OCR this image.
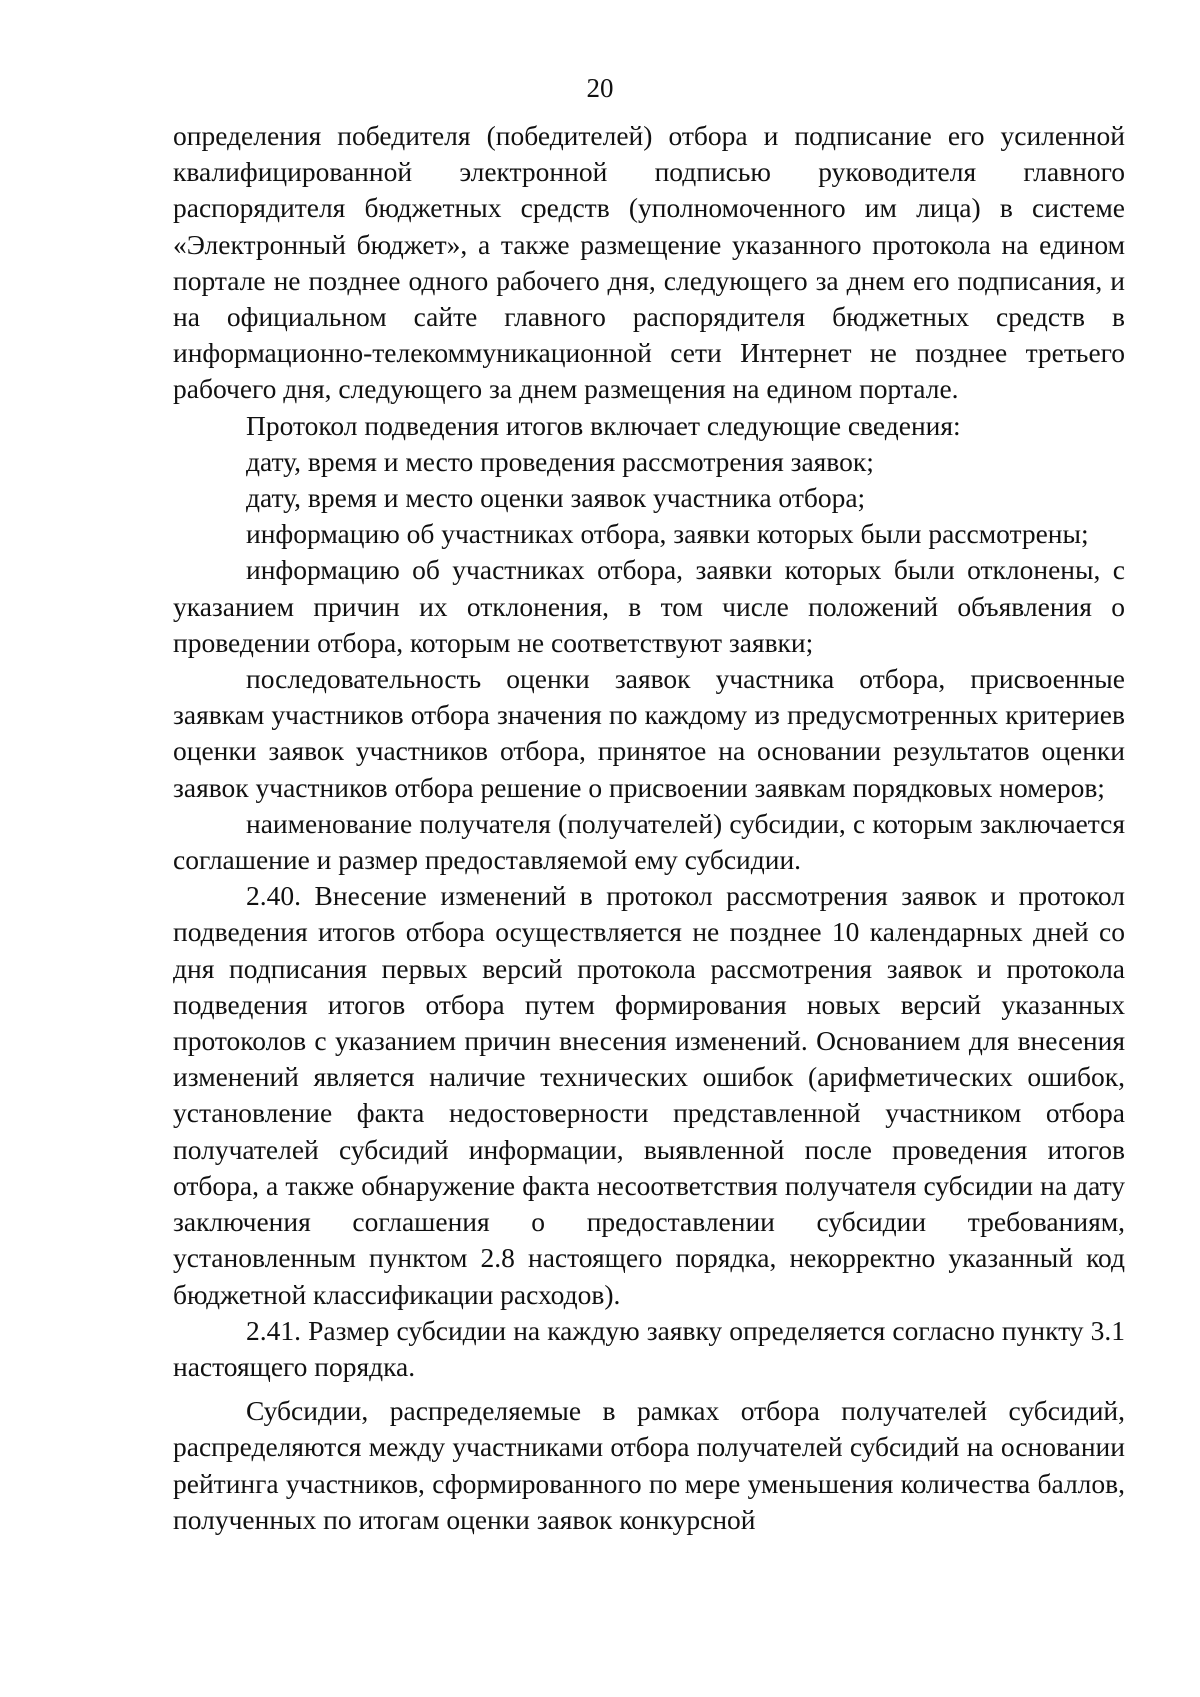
20

определения победителя (победителей) отбора и подписание его усиленной квалифицированной электронной подписью руководителя главного распорядителя бюджетных средств (уполномоченного им лица) в системе «Электронный бюджет», а также размещение указанного протокола на едином портале не позднее одного рабочего дня, следующего за днем его подписания, и на официальном сайте главного распорядителя бюджетных средств в информационно-телекоммуникационной сети Интернет не позднее третьего рабочего дня, следующего за днем размещения на едином портале.

Протокол подведения итогов включает следующие сведения:

дату, время и место проведения рассмотрения заявок;

дату, время и место оценки заявок участника отбора;

информацию об участниках отбора, заявки которых были рассмотрены;

информацию об участниках отбора, заявки которых были отклонены, с указанием причин их отклонения, в том числе положений объявления о проведении отбора, которым не соответствуют заявки;

последовательность оценки заявок участника отбора, присвоенные заявкам участников отбора значения по каждому из предусмотренных критериев оценки заявок участников отбора, принятое на основании результатов оценки заявок участников отбора решение о присвоении заявкам порядковых номеров;

наименование получателя (получателей) субсидии, с которым заключается соглашение и размер предоставляемой ему субсидии.

2.40. Внесение изменений в протокол рассмотрения заявок и протокол подведения итогов отбора осуществляется не позднее 10 календарных дней со дня подписания первых версий протокола рассмотрения заявок и протокола подведения итогов отбора путем формирования новых версий указанных протоколов с указанием причин внесения изменений. Основанием для внесения изменений является наличие технических ошибок (арифметических ошибок, установление факта недостоверности представленной участником отбора получателей субсидий информации, выявленной после проведения итогов отбора, а также обнаружение факта несоответствия получателя субсидии на дату заключения соглашения о предоставлении субсидии требованиям, установленным пунктом 2.8 настоящего порядка, некорректно указанный код бюджетной классификации расходов).

2.41. Размер субсидии на каждую заявку определяется согласно пункту 3.1 настоящего порядка.

Субсидии, распределяемые в рамках отбора получателей субсидий, распределяются между участниками отбора получателей субсидий на основании рейтинга участников, сформированного по мере уменьшения количества баллов, полученных по итогам оценки заявок конкурсной
